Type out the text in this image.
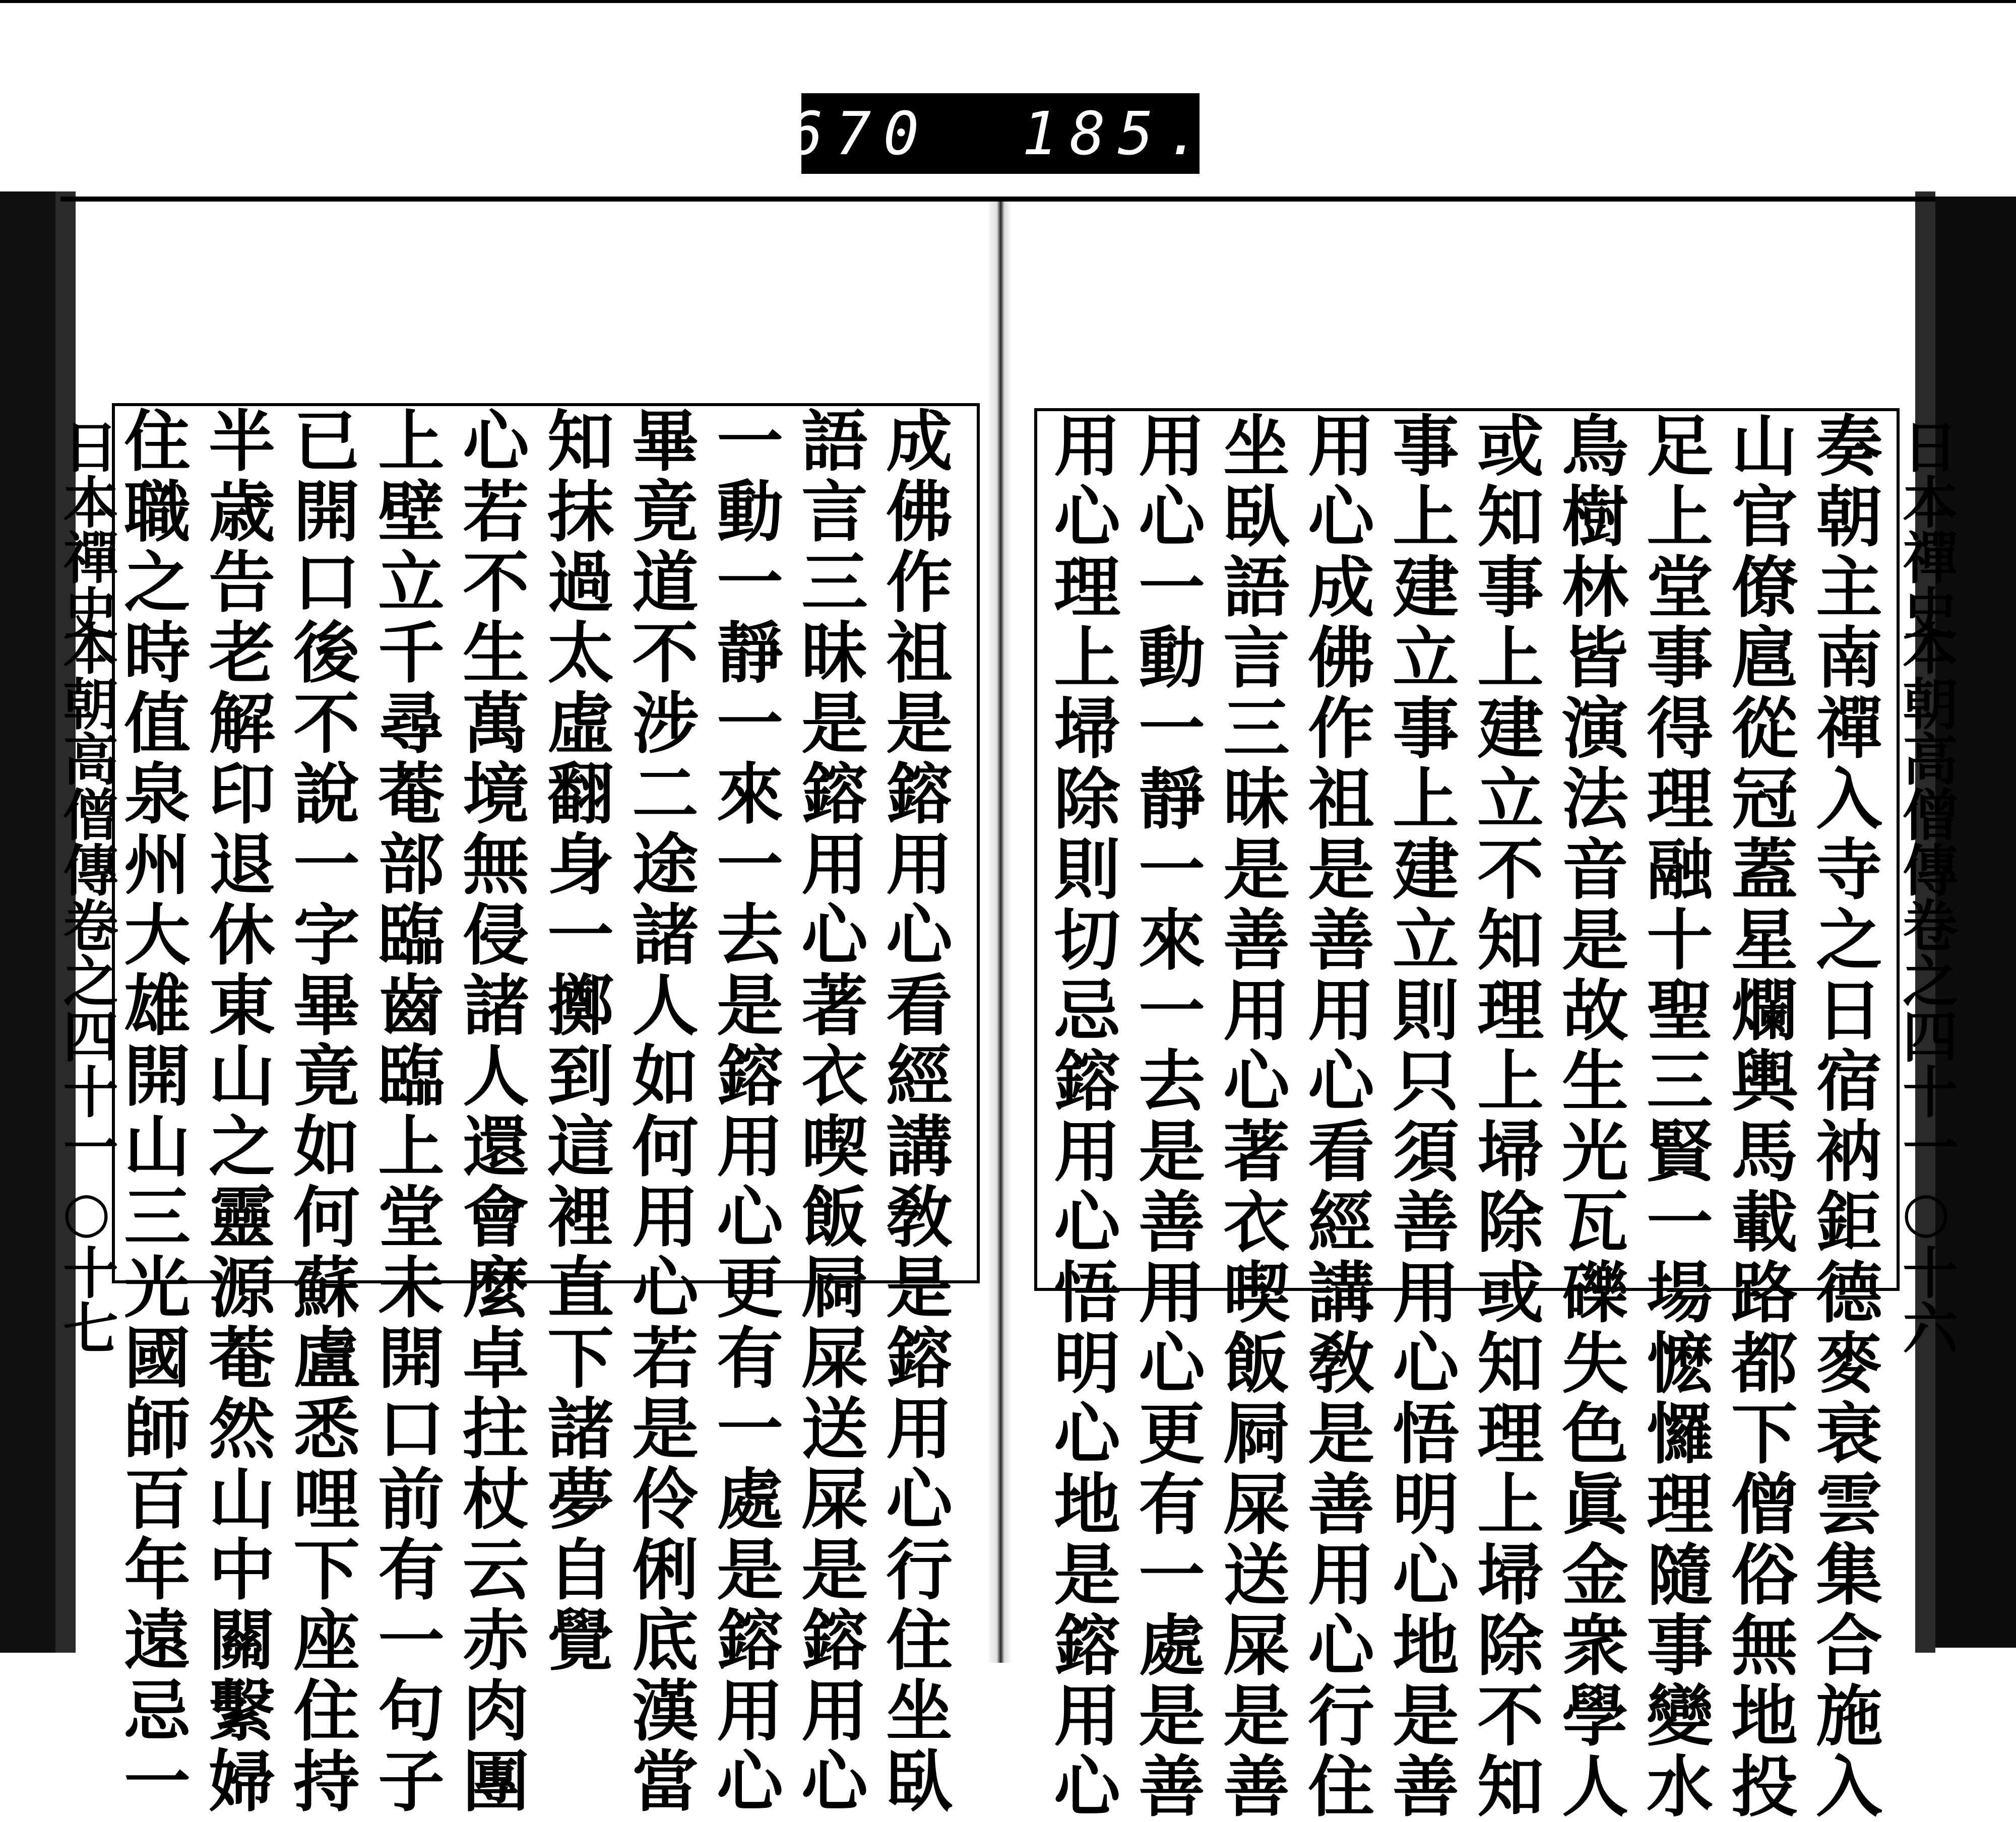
670 185.
日本禪史
本朝高僧傳卷之四十一
○十七	成佛作祖是鎔用心看經講敎是鎔用心行住坐臥
語言三昧是鎔用心著衣喫飯屙屎送屎是鎔用心
一動一靜一來一去是鎔用心更有一處是鎔用心
畢竟道不涉二途諸人如何用心若是伶俐底漢當
知抹過太虛翻身一擲到這裡直下諸夢自覺
心若不生萬境無侵諸人還會麼卓拄杖云赤肉團
上壁立千尋菴部臨齒臨上堂未開口前有一句子
已開口後不說一字畢竟如何蘇盧悉哩下座住持
半歳告老解印退休東山之靈源菴然山中關繫婦
住職之時值泉州大雄開山三光國師百年遠忌一	奏朝主南禪入寺之日宿衲鉅德麥衰雲集合施入
山官僚扈從冠蓋星爛輿馬載路都下僧俗無地投
足上堂事得理融十聖三賢一場懡㦬理隨事變水
鳥樹林皆演法音是故生光瓦礫失色眞金衆學人
或知事上建立不知理上埽除或知理上埽除不知
事上建立事上建立則只須善用心悟明心地是善
用心成佛作祖是善用心看經講敎是善用心行住
坐臥語言三昧是善用心著衣喫飯屙屎送屎是善
用心一動一靜一來一去是善用心更有一處是善
用心理上埽除則切忌鎔用心悟明心地是鎔用心	日本禪史
本朝高僧傳卷之四十一
○十六
